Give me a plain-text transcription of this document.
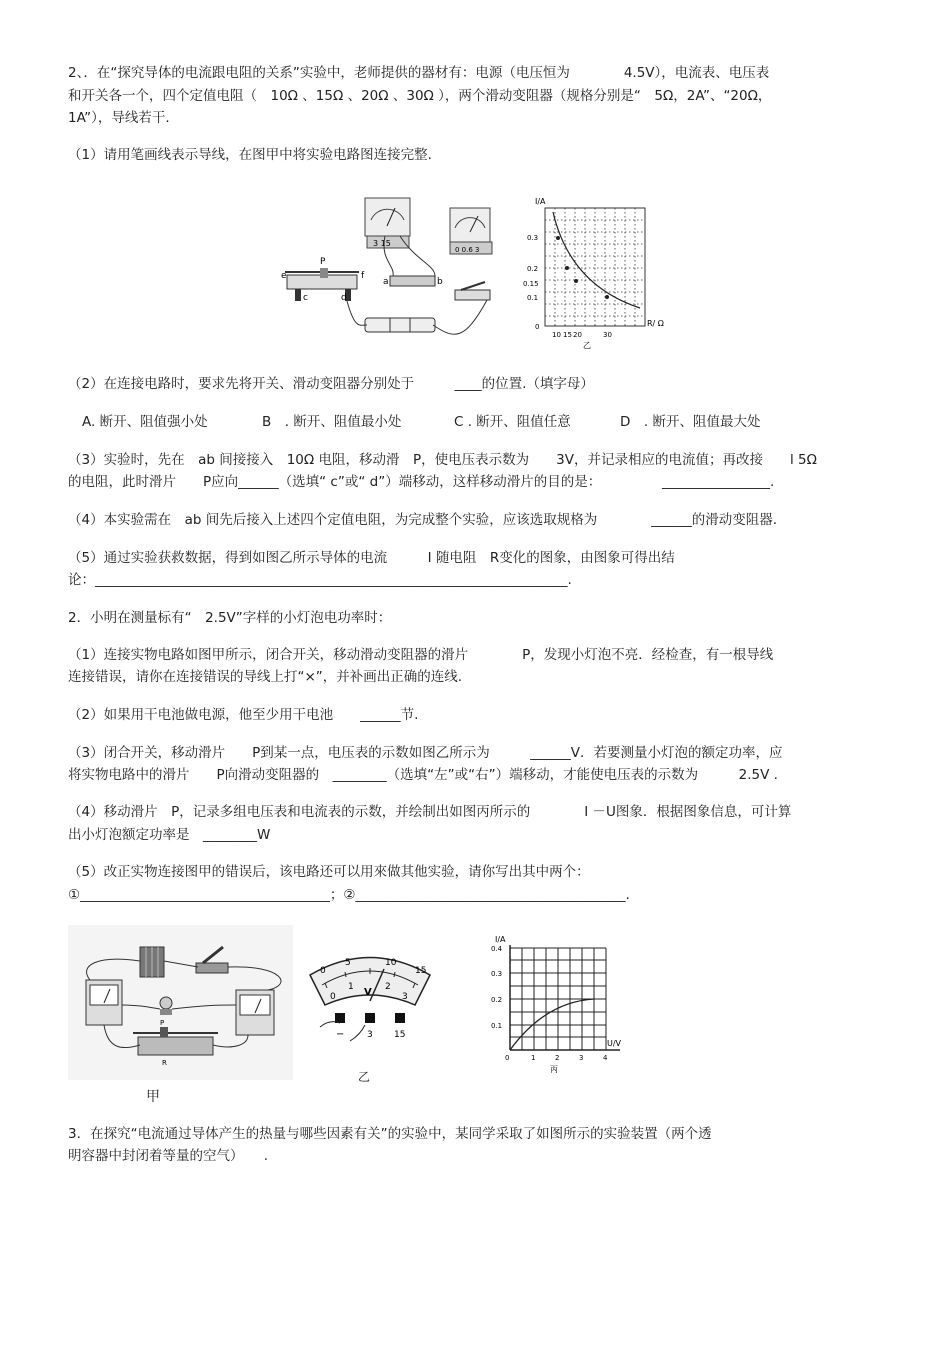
2、．在“探究导体的电流跟电阻的关系”实验中，老师提供的器材有：电源（电压恒为　　　　4.5V），电流表、电压表
和开关各一个，四个定值电阻（　10Ω 、15Ω 、20Ω 、30Ω ），两个滑动变阻器（规格分别是“　5Ω，2A”、“20Ω，
1A”），导线若干.
（1）请用笔画线表示导线，在图甲中将实验电路图连接完整.
3 15
0 0.6 3
e
P
f
c	d
a	b
I/A
R/ Ω
0.3
0.2
0.15
0.1
0
10 15 20	30
乙
（2）在连接电路时，要求先将开关、滑动变阻器分别处于　　　____的位置.（填字母）
A. 断开、阻值强小处	B　. 断开、阻值最小处	C . 断开、阻值任意	D　. 断开、阻值最大处
（3）实验时，先在　ab 间接接入　10Ω 电阻，移动滑　P，使电压表示数为　　3V，并记录相应的电流值；再改接　　l 5Ω
的电阻，此时滑片　　P应向______（选填“ c”或“ d”）端移动，这样移动滑片的目的是：　　　　　________________.
（4）本实验需在　ab 间先后接入上述四个定值电阻，为完成整个实验，应该选取规格为　　　　______的滑动变阻器.
（5）通过实验获救数据，得到如图乙所示导体的电流　　　I 随电阻　R变化的图象，由图象可得出结
论：______________________________________________________________________.
2．小明在测量标有“　2.5V”字样的小灯泡电功率时：
（1）连接实物电路如图甲所示，闭合开关，移动滑动变阻器的滑片　　　　P，发现小灯泡不亮．经检查，有一根导线
连接错误，请你在连接错误的导线上打“×”，并补画出正确的连线.
（2）如果用干电池做电源，他至少用干电池　　______节.
（3）闭合开关，移动滑片　　P到某一点，电压表的示数如图乙所示为　　　______V．若要测量小灯泡的额定功率，应
将实物电路中的滑片　　P向滑动变阻器的　________（选填“左”或“右”）端移动，才能使电压表的示数为　　　2.5V .
（4）移动滑片　P，记录多组电压表和电流表的示数，并绘制出如图丙所示的　　　　I －U图象．根据图象信息，可计算
出小灯泡额定功率是　________W
（5）改正实物连接图甲的错误后，该电路还可以用來做其他实验，请你写出其中两个：
①_____________________________________；②________________________________________.
P
R
甲
0
5	10
15
0
1	2
3
V
−	3 15
乙
I/A
U/V
0.4
0.3
0.2
0.1
0	1	2	3	4
丙
3．在探究“电流通过导体产生的热量与哪些因素有关”的实验中，某同学采取了如图所示的实验装置（两个透
明容器中封闭着等量的空气）　　.
